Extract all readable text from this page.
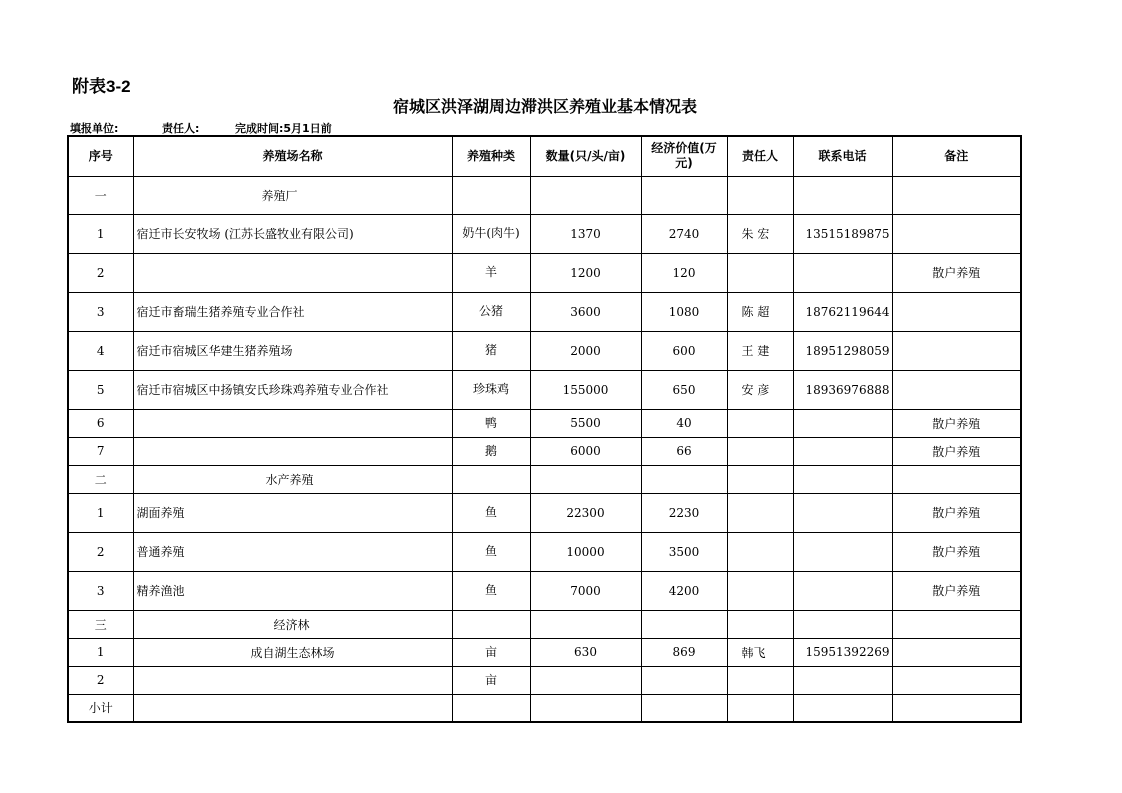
附表3-2
宿城区洪泽湖周边滞洪区养殖业基本情况表
填报单位:	责任人:	完成时间:5月1日前
序号	养殖场名称	养殖种类	数量(只/头/亩)	经济价值(万元)	责任人	联系电话	备注
一	养殖厂						
1	宿迁市长安牧场 (江苏长盛牧业有限公司)	奶牛(肉牛)	1370	2740	朱 宏	13515189875	
2		羊	1200	120			散户养殖
3	宿迁市畜瑞生猪养殖专业合作社	公猪	3600	1080	陈 超	18762119644	
4	宿迁市宿城区华建生猪养殖场	猪	2000	600	王 建	18951298059	
5	宿迁市宿城区中扬镇安氏珍珠鸡养殖专业合作社	珍珠鸡	155000	650	安 彦	18936976888	
6		鸭	5500	40			散户养殖
7		鹅	6000	66			散户养殖
二	水产养殖						
1	湖面养殖	鱼	22300	2230			散户养殖
2	普通养殖	鱼	10000	3500			散户养殖
3	精养渔池	鱼	7000	4200			散户养殖
三	经济林						
1	成自湖生态林场	亩	630	869	韩飞	15951392269	
2		亩					
小计							
